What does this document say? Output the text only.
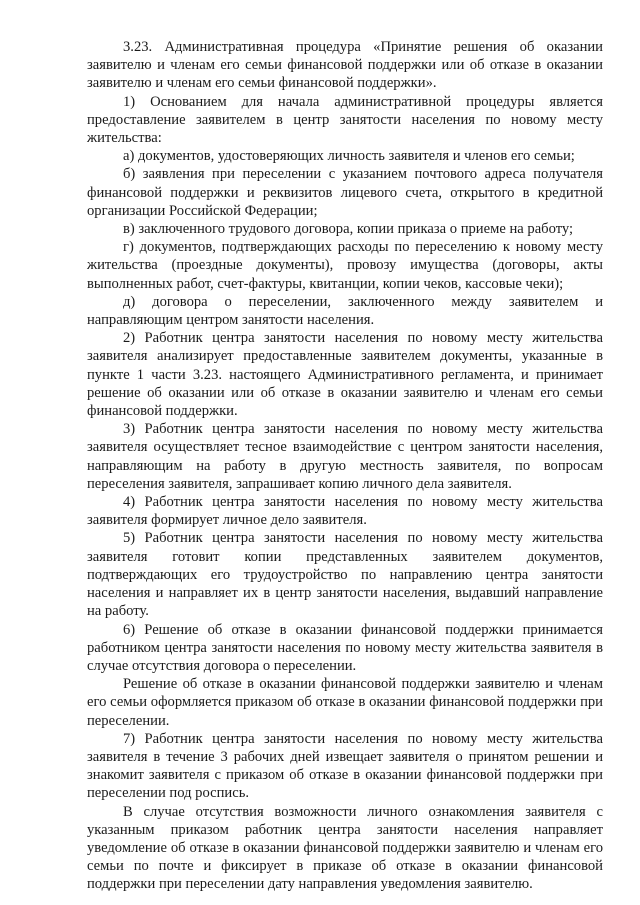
3.23. Административная процедура «Принятие решения об оказании заявителю и членам его семьи финансовой поддержки или об отказе в оказании заявителю и членам его семьи финансовой поддержки».

1) Основанием для начала административной процедуры является предоставление заявителем в центр занятости населения по новому месту жительства:

а) документов, удостоверяющих личность заявителя и членов его семьи;

б) заявления при переселении с указанием почтового адреса получателя финансовой поддержки и реквизитов лицевого счета, открытого в кредитной организации Российской Федерации;

в) заключенного трудового договора, копии приказа о приеме на работу;

г) документов, подтверждающих расходы по переселению к новому месту жительства (проездные документы), провозу имущества (договоры, акты выполненных работ, счет-фактуры, квитанции, копии чеков, кассовые чеки);

д) договора о переселении, заключенного между заявителем и направляющим центром занятости населения.

2) Работник центра занятости населения по новому месту жительства заявителя анализирует предоставленные заявителем документы, указанные в пункте 1 части 3.23. настоящего Административного регламента, и принимает решение об оказании или об отказе в оказании заявителю и членам его семьи финансовой поддержки.

3) Работник центра занятости населения по новому месту жительства заявителя осуществляет тесное взаимодействие с центром занятости населения, направляющим на работу в другую местность заявителя, по вопросам переселения заявителя, запрашивает копию личного дела заявителя.

4) Работник центра занятости населения по новому месту жительства заявителя формирует личное дело заявителя.

5) Работник центра занятости населения по новому месту жительства заявителя готовит копии представленных заявителем документов, подтверждающих его трудоустройство по направлению центра занятости населения и направляет их в центр занятости населения, выдавший направление на работу.

6) Решение об отказе в оказании финансовой поддержки принимается работником центра занятости населения по новому месту жительства заявителя в случае отсутствия договора о переселении.

Решение об отказе в оказании финансовой поддержки заявителю и членам его семьи оформляется приказом об отказе в оказании финансовой поддержки при переселении.

7) Работник центра занятости населения по новому месту жительства заявителя в течение 3 рабочих дней извещает заявителя о принятом решении и знакомит заявителя с приказом об отказе в оказании финансовой поддержки при переселении под роспись.

В случае отсутствия возможности личного ознакомления заявителя с указанным приказом работник центра занятости населения направляет уведомление об отказе в оказании финансовой поддержки заявителю и членам его семьи по почте и фиксирует в приказе об отказе в оказании финансовой поддержки при переселении дату направления уведомления заявителю.
